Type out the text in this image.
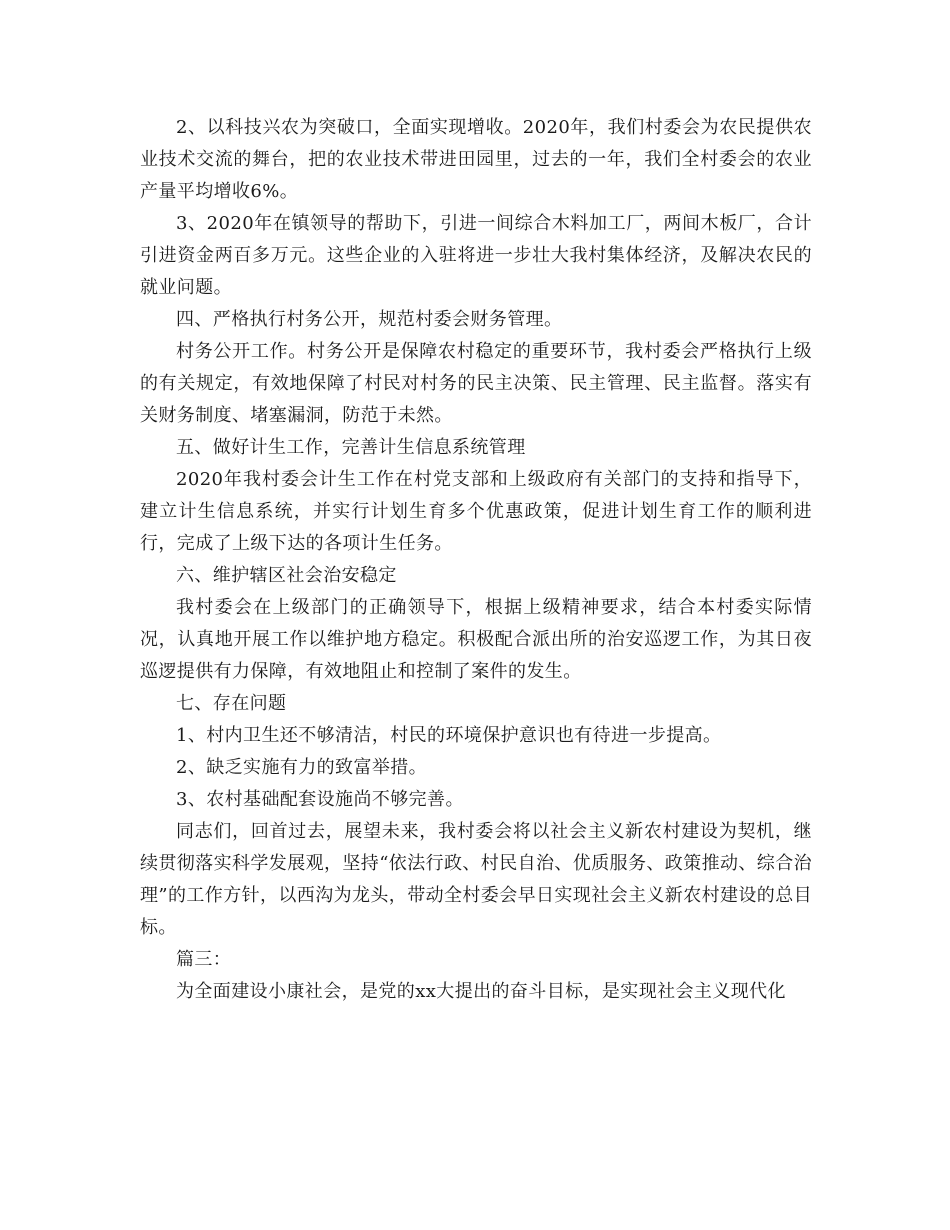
2、以科技兴农为突破口，全面实现增收。2020年，我们村委会为农民提供农业技术交流的舞台，把的农业技术带进田园里，过去的一年，我们全村委会的农业产量平均增收6%。

3、2020年在镇领导的帮助下，引进一间综合木料加工厂，两间木板厂，合计引进资金两百多万元。这些企业的入驻将进一步壮大我村集体经济，及解决农民的就业问题。

四、严格执行村务公开，规范村委会财务管理。

村务公开工作。村务公开是保障农村稳定的重要环节，我村委会严格执行上级的有关规定，有效地保障了村民对村务的民主决策、民主管理、民主监督。落实有关财务制度、堵塞漏洞，防范于未然。

五、做好计生工作，完善计生信息系统管理

2020年我村委会计生工作在村党支部和上级政府有关部门的支持和指导下，建立计生信息系统，并实行计划生育多个优惠政策，促进计划生育工作的顺利进行，完成了上级下达的各项计生任务。

六、维护辖区社会治安稳定

我村委会在上级部门的正确领导下，根据上级精神要求，结合本村委实际情况，认真地开展工作以维护地方稳定。积极配合派出所的治安巡逻工作，为其日夜巡逻提供有力保障，有效地阻止和控制了案件的发生。

七、存在问题

1、村内卫生还不够清洁，村民的环境保护意识也有待进一步提高。

2、缺乏实施有力的致富举措。

3、农村基础配套设施尚不够完善。

同志们，回首过去，展望未来，我村委会将以社会主义新农村建设为契机，继续贯彻落实科学发展观，坚持“依法行政、村民自治、优质服务、政策推动、综合治理”的工作方针，以西沟为龙头，带动全村委会早日实现社会主义新农村建设的总目标。

篇三：

为全面建设小康社会，是党的xx大提出的奋斗目标，是实现社会主义现代化
